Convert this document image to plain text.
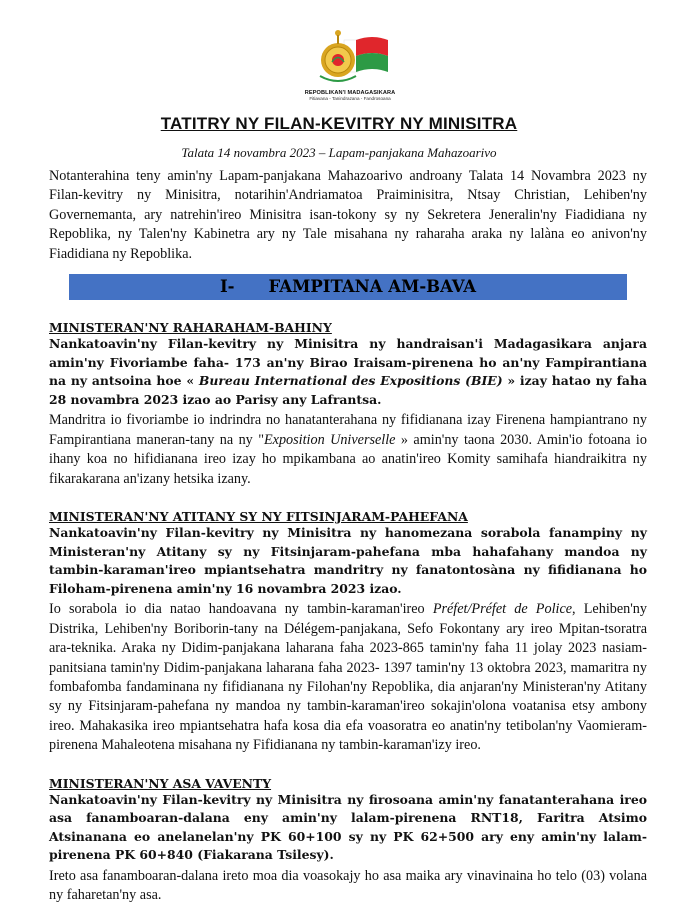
REPOBLIKAN'I MADAGASIKARA
Fitiavana - Tanindrazana - Fandrosoana
TATITRY NY FILAN-KEVITRY NY MINISITRA
Talata 14 novambra 2023 – Lapam-panjakana Mahazoarivo

Notanterahina teny amin'ny Lapam-panjakana Mahazoarivo androany Talata 14 Novambra 2023 ny Filan-kevitry ny Minisitra, notarihin'Andriamatoa Praiminisitra, Ntsay Christian, Lehiben'ny Governemanta, ary natrehin'ireo Minisitra isan-tokony sy ny Sekretera Jeneralin'ny Fiadidiana ny Repoblika, ny Talen'ny Kabinetra ary ny Tale misahana ny raharaha araka ny lalàna eo anivon'ny Fiadidiana ny Repoblika.

I- FAMPITANA AM-BAVA
MINISTERAN'NY RAHARAHAM-BAHINY

Nankatoavin'ny Filan-kevitry ny Minisitra ny handraisan'i Madagasikara anjara amin'ny Fivoriambe faha- 173 an'ny Birao Iraisam-pirenena ho an'ny Fampirantiana na ny antsoina hoe « Bureau International des Expositions (BIE) » izay hatao ny faha 28 novambra 2023 izao ao Parisy any Lafrantsa.

Mandritra io fivoriambe io indrindra no hanatanterahana ny fifidianana izay Firenena hampiantrano ny Fampirantiana maneran-tany na ny "Exposition Universelle » amin'ny taona 2030. Amin'io fotoana io ihany koa no hifidianana ireo izay ho mpikambana ao anatin'ireo Komity samihafa hiandraikitra ny fikarakarana an'izany hetsika izany.

MINISTERAN'NY ATITANY SY NY FITSINJARAM-PAHEFANA

Nankatoavin'ny Filan-kevitry ny Minisitra ny hanomezana sorabola fanampiny ny Ministeran'ny Atitany sy ny Fitsinjaram-pahefana mba hahafahany mandoa ny tambin-karaman'ireo mpiantsehatra mandritry ny fanatontosàna ny fifidianana ho Filoham-pirenena amin'ny 16 novambra 2023 izao.

Io sorabola io dia natao handoavana ny tambin-karaman'ireo Préfet/Préfet de Police, Lehiben'ny Distrika, Lehiben'ny Boriborin-tany na Délégem-panjakana, Sefo Fokontany ary ireo Mpitan-tsoratra ara-teknika. Araka ny Didim-panjakana laharana faha 2023-865 tamin'ny faha 11 jolay 2023 nasiam-panitsiana tamin'ny Didim-panjakana laharana faha 2023- 1397 tamin'ny 13 oktobra 2023, mamaritra ny fombafomba fandaminana ny fifidianana ny Filohan'ny Repoblika, dia anjaran'ny Ministeran'ny Atitany sy ny Fitsinjaram-pahefana ny mandoa ny tambin-karaman'ireo sokajin'olona voatanisa etsy ambony ireo. Mahakasika ireo mpiantsehatra hafa kosa dia efa voasoratra eo anatin'ny tetibolan'ny Vaomieram-pirenena Mahaleotena misahana ny Fifidianana ny tambin-karaman'izy ireo.

MINISTERAN'NY ASA VAVENTY

Nankatoavin'ny Filan-kevitry ny Minisitra ny firosoana amin'ny fanatanterahana ireo asa fanamboaran-dalana eny amin'ny lalam-pirenena RNT18, Faritra Atsimo Atsinanana eo anelanelan'ny PK 60+100 sy ny PK 62+500 ary eny amin'ny lalam-pirenena PK 60+840 (Fiakarana Tsilesy).

Ireto asa fanamboaran-dalana ireto moa dia voasokajy ho asa maika ary vinavinaina ho telo (03) volana ny faharetan'ny asa.
